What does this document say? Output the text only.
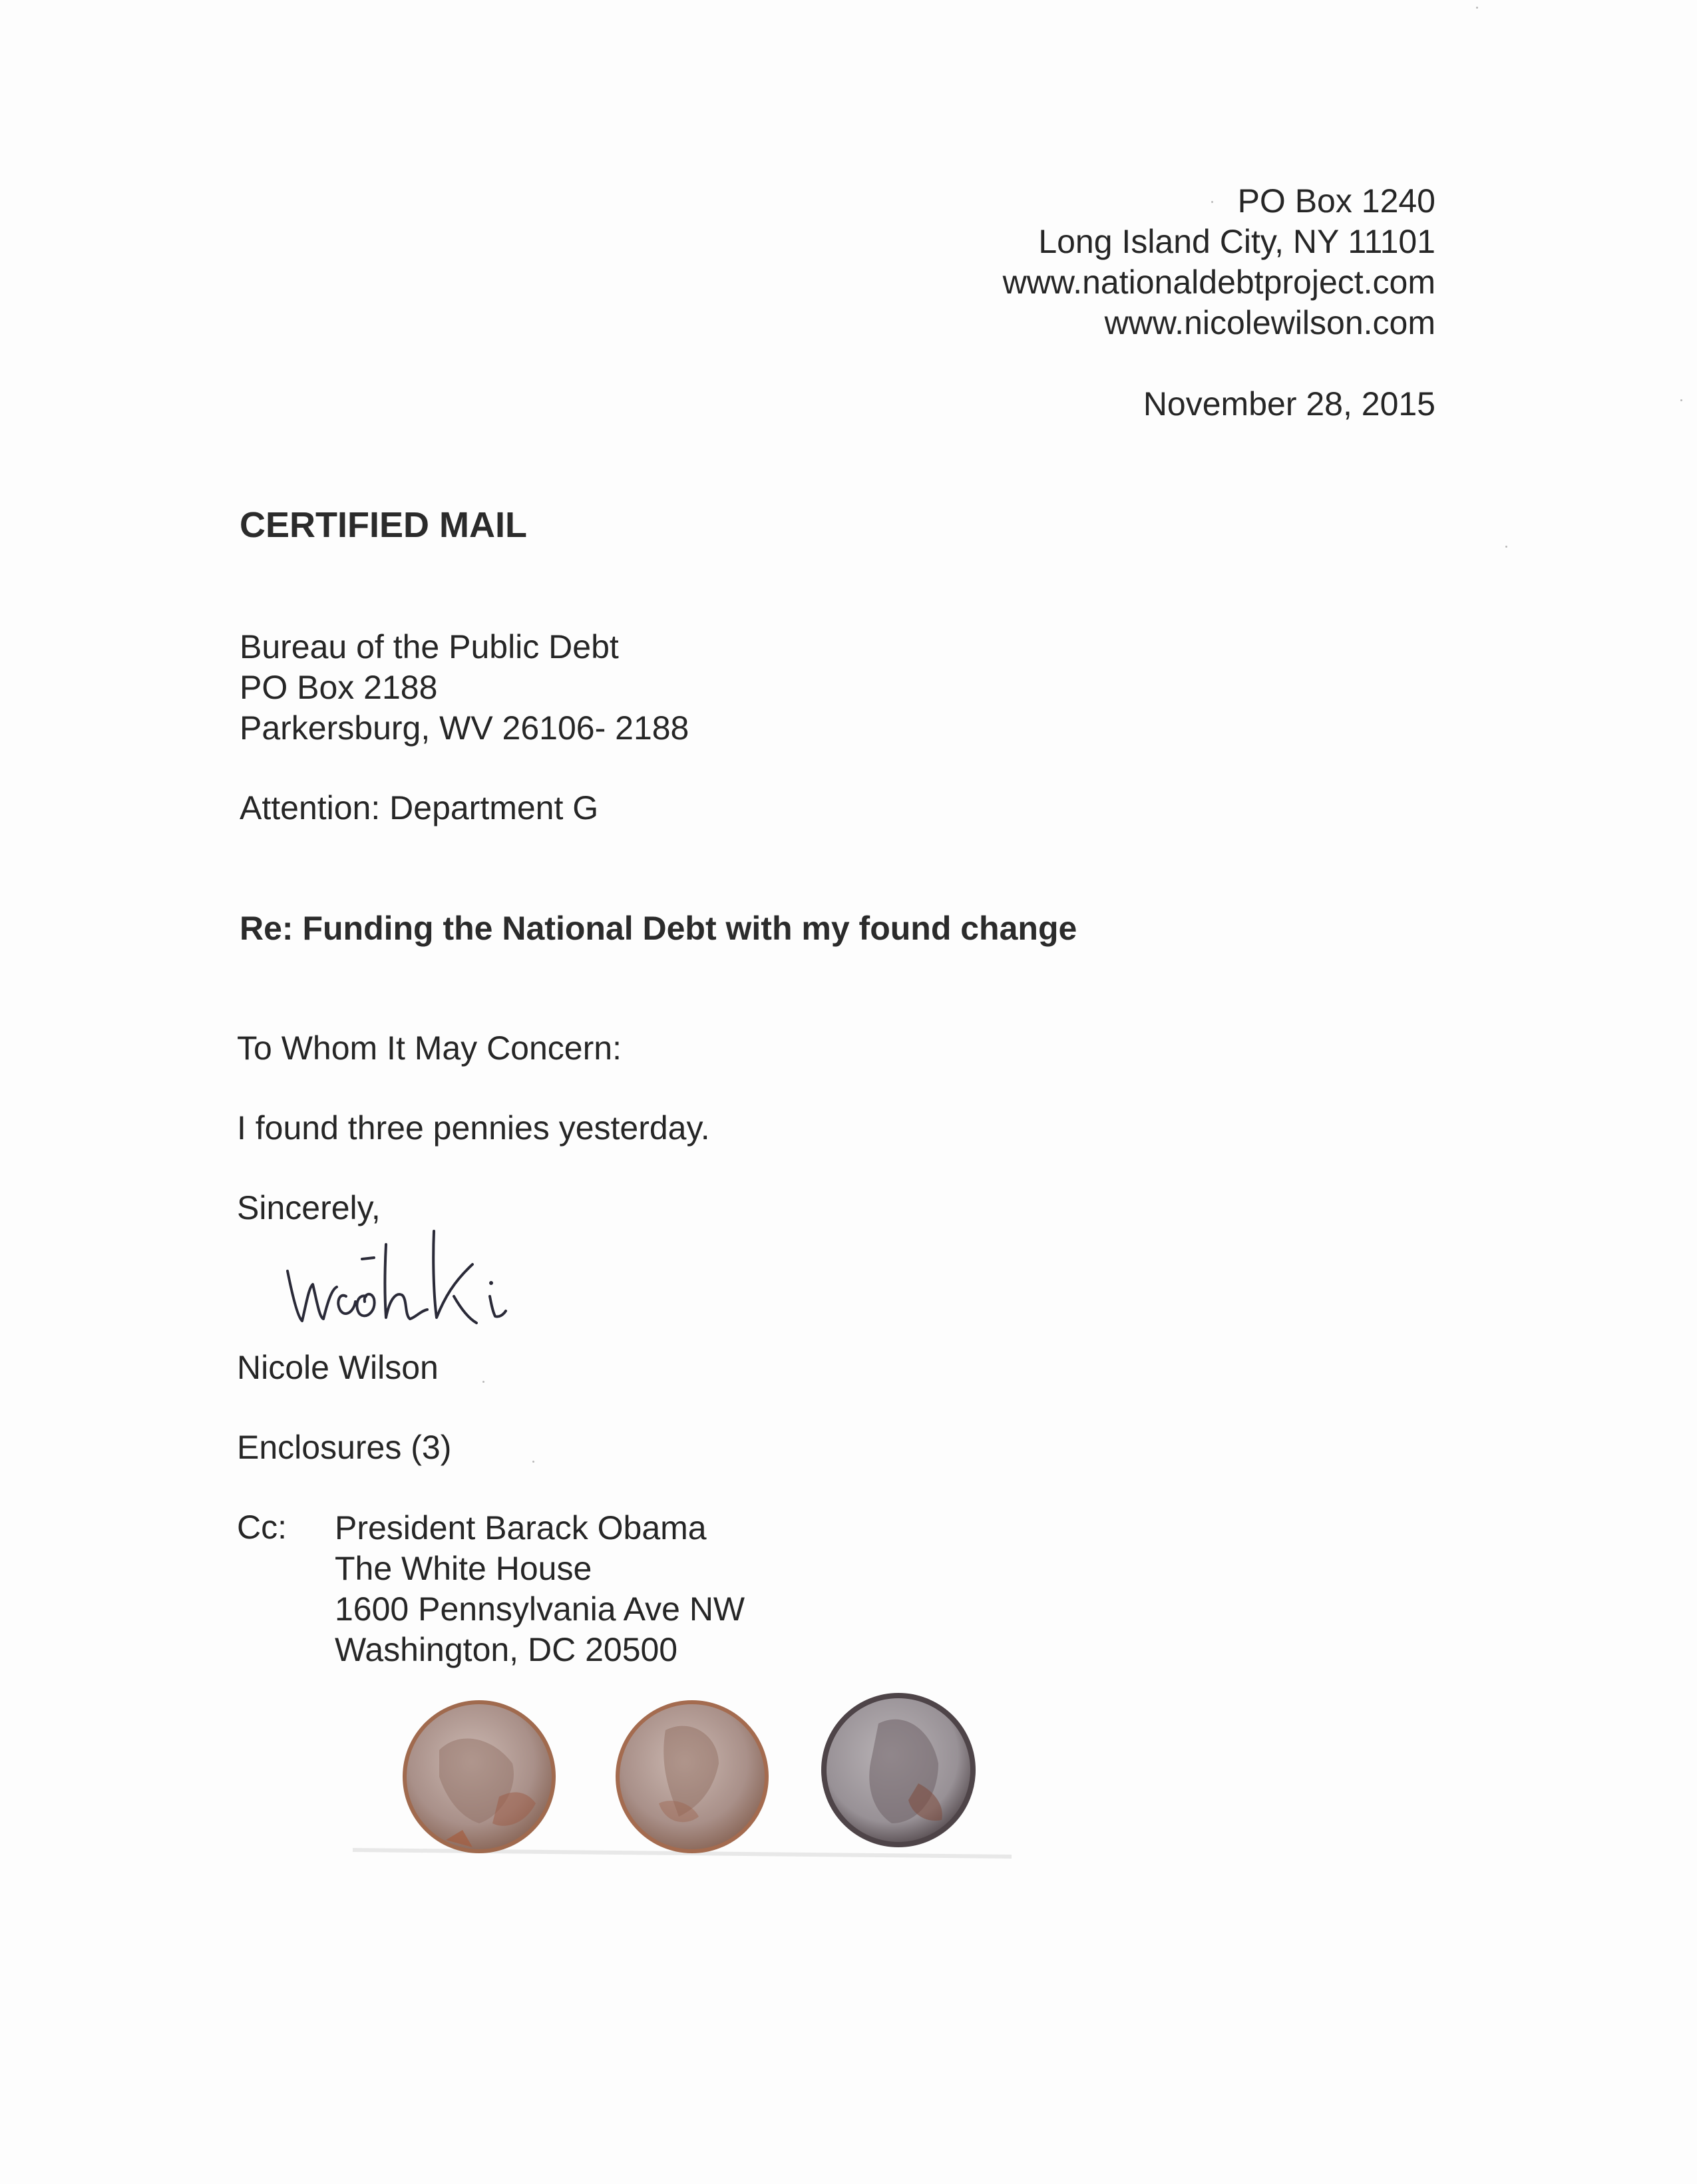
PO Box 1240
Long Island City, NY 11101
www.nationaldebtproject.com
www.nicolewilson.com
November 28, 2015
CERTIFIED MAIL
Bureau of the Public Debt
PO Box 2188
Parkersburg, WV 26106- 2188
Attention: Department G
Re: Funding the National Debt with my found change
To Whom It May Concern:
I found three pennies yesterday.
Sincerely,
Nicole Wilson
Enclosures (3)
Cc: President Barack Obama
The White House
1600 Pennsylvania Ave NW
Washington, DC 20500
